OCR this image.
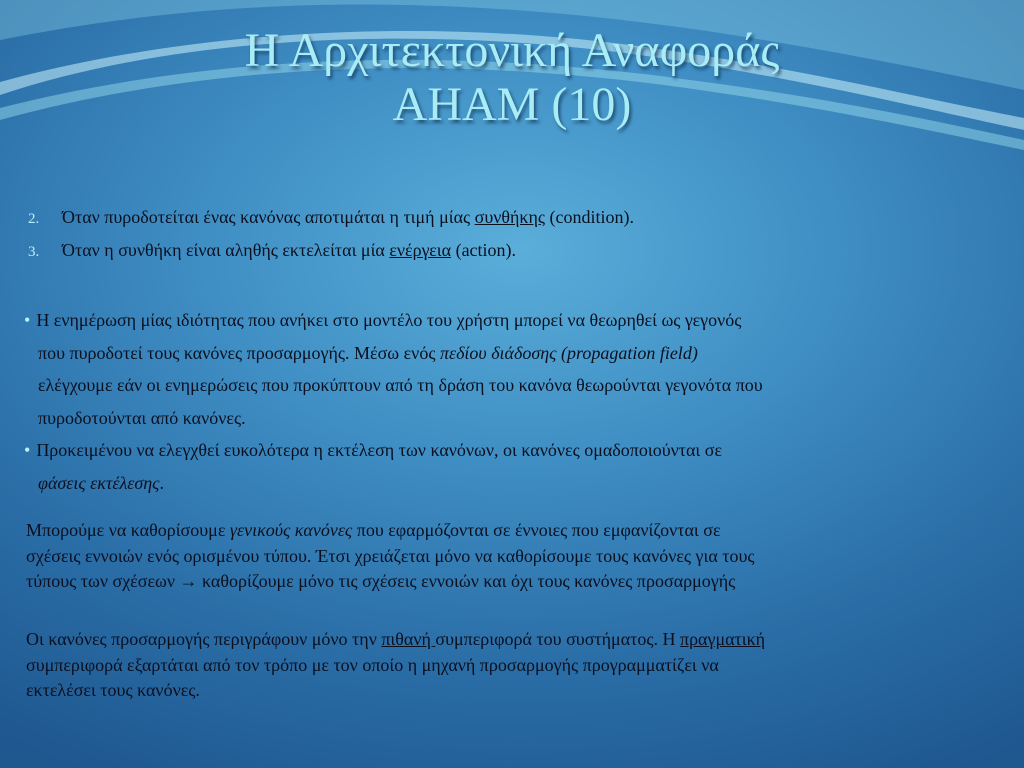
Η Αρχιτεκτονική Αναφοράς
AHAM (10)
2. Όταν πυροδοτείται ένας κανόνας αποτιμάται η τιμή μίας συνθήκης (condition).
3. Όταν η συνθήκη είναι αληθής εκτελείται μία ενέργεια (action).
• Η ενημέρωση μίας ιδιότητας που ανήκει στο μοντέλο του χρήστη μπορεί να θεωρηθεί ως γεγονός
που πυροδοτεί τους κανόνες προσαρμογής. Μέσω ενός πεδίου διάδοσης (propagation field)
ελέγχουμε εάν οι ενημερώσεις που προκύπτουν από τη δράση του κανόνα θεωρούνται γεγονότα που
πυροδοτούνται από κανόνες.
• Προκειμένου να ελεγχθεί ευκολότερα η εκτέλεση των κανόνων, οι κανόνες ομαδοποιούνται σε
φάσεις εκτέλεσης.
Μπορούμε να καθορίσουμε γενικούς κανόνες που εφαρμόζονται σε έννοιες που εμφανίζονται σε
σχέσεις εννοιών ενός ορισμένου τύπου. Έτσι χρειάζεται μόνο να καθορίσουμε τους κανόνες για τους
τύπους των σχέσεων → καθορίζουμε μόνο τις σχέσεις εννοιών και όχι τους κανόνες προσαρμογής
Οι κανόνες προσαρμογής περιγράφουν μόνο την πιθανή συμπεριφορά του συστήματος. Η πραγματική
συμπεριφορά εξαρτάται από τον τρόπο με τον οποίο η μηχανή προσαρμογής προγραμματίζει να
εκτελέσει τους κανόνες.
